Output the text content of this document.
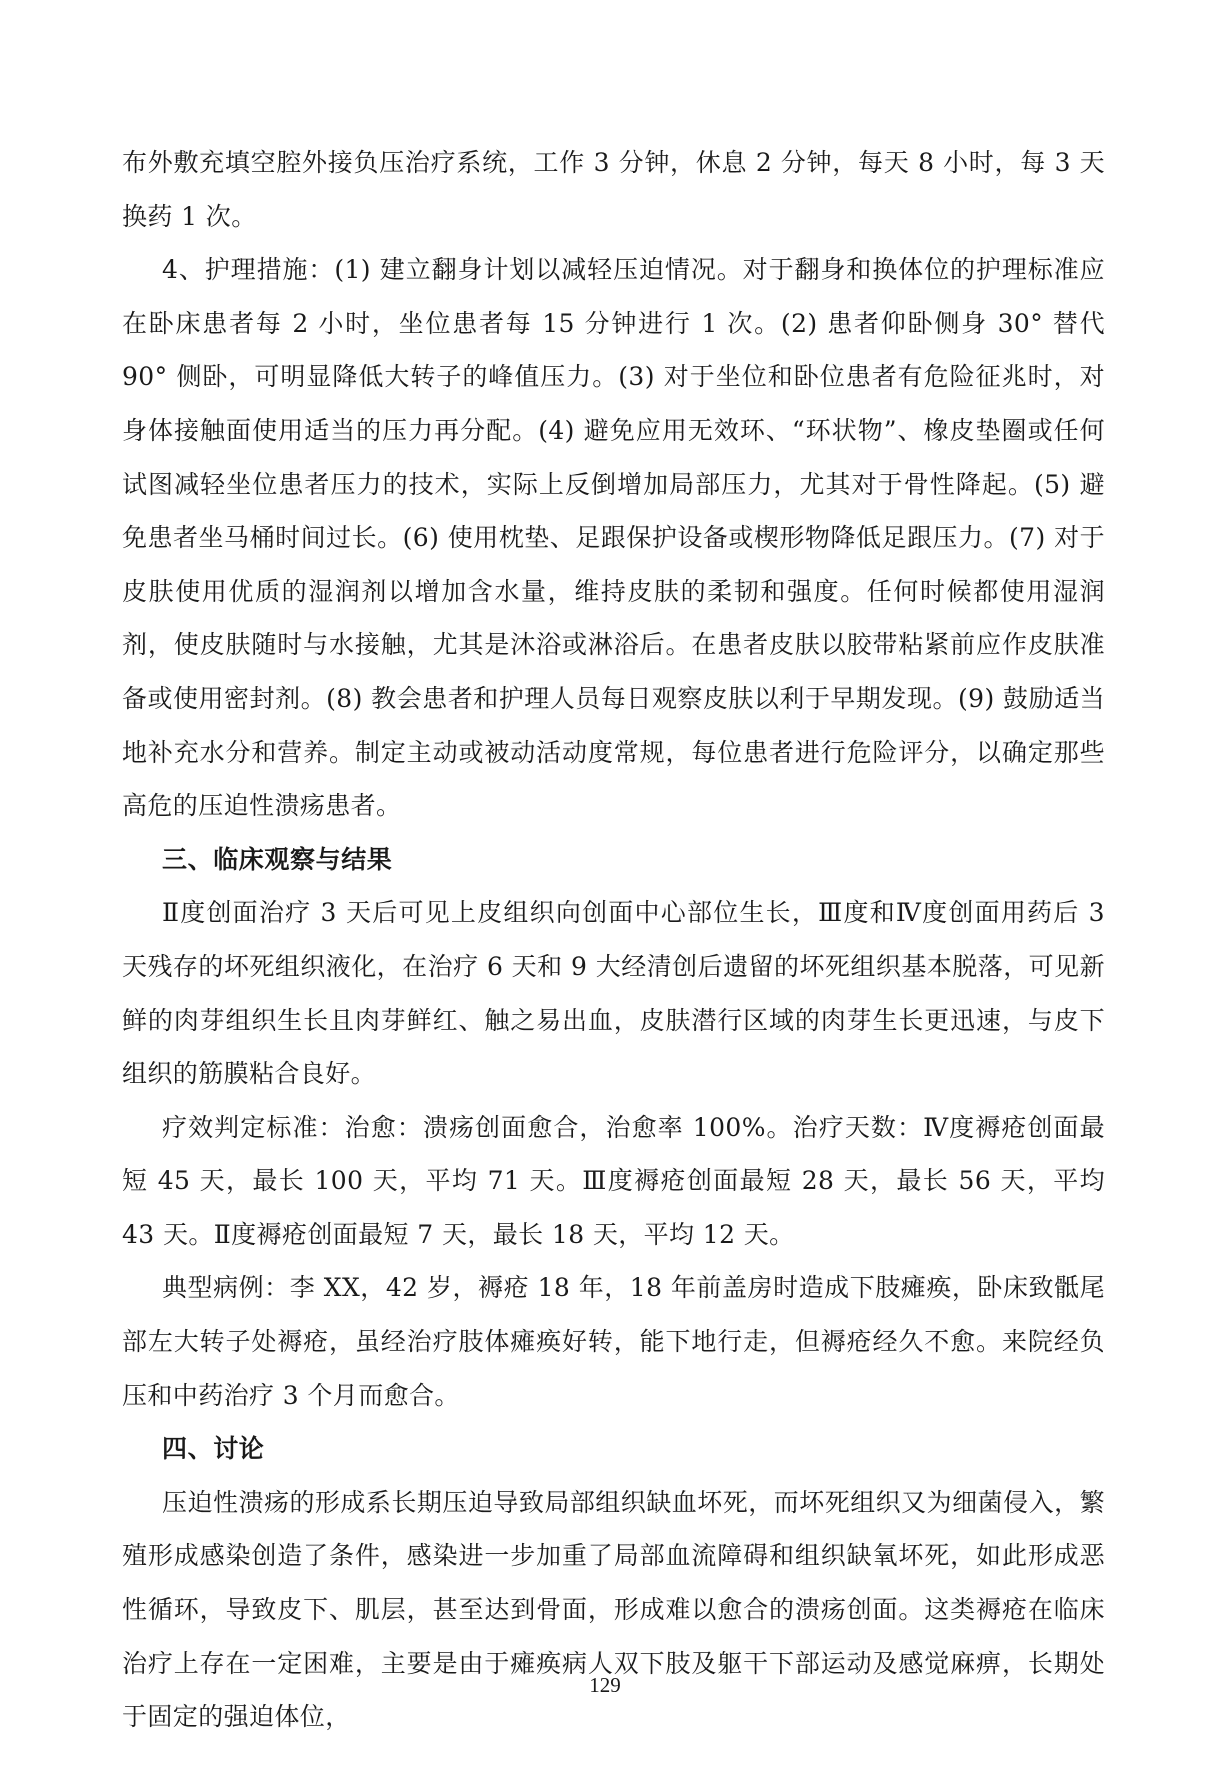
布外敷充填空腔外接负压治疗系统，工作 3 分钟，休息 2 分钟，每天 8 小时，每 3 天换药 1 次。

4、护理措施：(1) 建立翻身计划以减轻压迫情况。对于翻身和换体位的护理标准应在卧床患者每 2 小时，坐位患者每 15 分钟进行 1 次。(2) 患者仰卧侧身 30° 替代 90° 侧卧，可明显降低大转子的峰值压力。(3) 对于坐位和卧位患者有危险征兆时，对身体接触面使用适当的压力再分配。(4) 避免应用无效环、“环状物”、橡皮垫圈或任何试图减轻坐位患者压力的技术，实际上反倒增加局部压力，尤其对于骨性降起。(5) 避免患者坐马桶时间过长。(6) 使用枕垫、足跟保护设备或楔形物降低足跟压力。(7) 对于皮肤使用优质的湿润剂以增加含水量，维持皮肤的柔韧和强度。任何时候都使用湿润剂，使皮肤随时与水接触，尤其是沐浴或淋浴后。在患者皮肤以胶带粘紧前应作皮肤准备或使用密封剂。(8) 教会患者和护理人员每日观察皮肤以利于早期发现。(9) 鼓励适当地补充水分和营养。制定主动或被动活动度常规，每位患者进行危险评分，以确定那些高危的压迫性溃疡患者。

三、临床观察与结果

Ⅱ度创面治疗 3 天后可见上皮组织向创面中心部位生长，Ⅲ度和Ⅳ度创面用药后 3 天残存的坏死组织液化，在治疗 6 天和 9 大经清创后遗留的坏死组织基本脱落，可见新鲜的肉芽组织生长且肉芽鲜红、触之易出血，皮肤潜行区域的肉芽生长更迅速，与皮下组织的筋膜粘合良好。

疗效判定标准：治愈：溃疡创面愈合，治愈率 100%。治疗天数：Ⅳ度褥疮创面最短 45 天，最长 100 天，平均 71 天。Ⅲ度褥疮创面最短 28 天，最长 56 天，平均 43 天。Ⅱ度褥疮创面最短 7 天，最长 18 天，平均 12 天。

典型病例：李 XX，42 岁，褥疮 18 年，18 年前盖房时造成下肢瘫痪，卧床致骶尾部左大转子处褥疮，虽经治疗肢体瘫痪好转，能下地行走，但褥疮经久不愈。来院经负压和中药治疗 3 个月而愈合。

四、讨论

压迫性溃疡的形成系长期压迫导致局部组织缺血坏死，而坏死组织又为细菌侵入，繁殖形成感染创造了条件，感染进一步加重了局部血流障碍和组织缺氧坏死，如此形成恶性循环，导致皮下、肌层，甚至达到骨面，形成难以愈合的溃疡创面。这类褥疮在临床治疗上存在一定困难，主要是由于瘫痪病人双下肢及躯干下部运动及感觉麻痹，长期处于固定的强迫体位，

129
